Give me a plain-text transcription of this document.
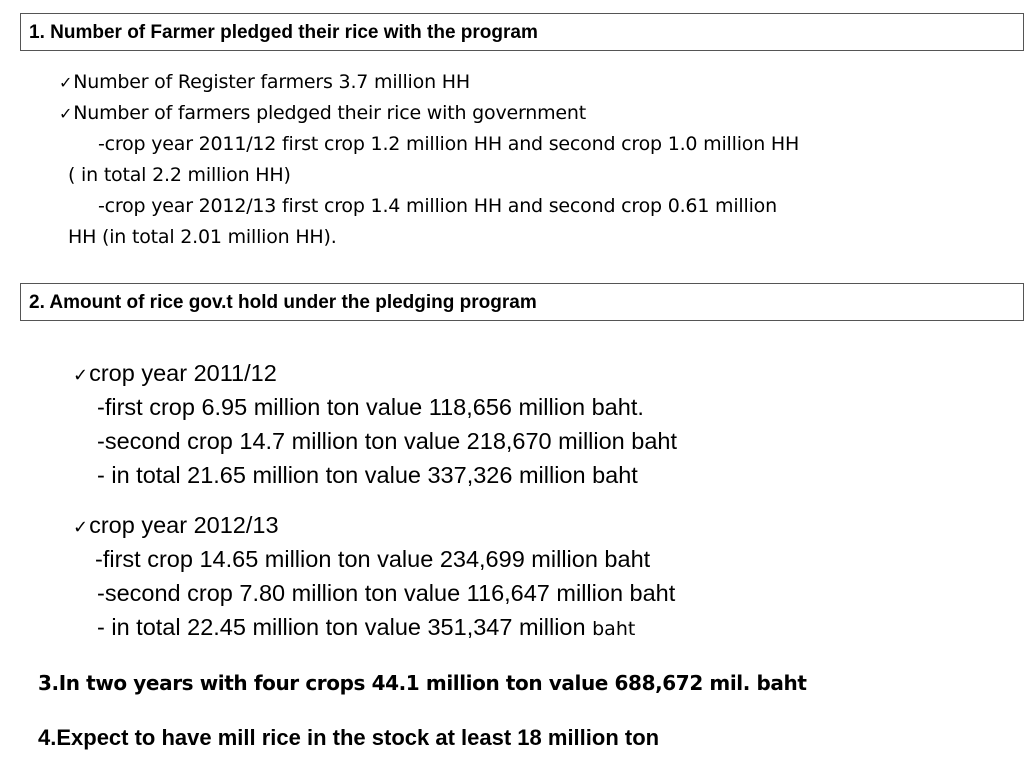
1. Number of Farmer pledged their rice with the program
✓Number of Register farmers 3.7 million HH
✓Number of farmers pledged their rice with government
-crop year 2011/12 first crop 1.2 million HH and second crop 1.0 million HH
( in total 2.2 million HH)
-crop year 2012/13 first crop 1.4 million HH and second crop 0.61 million
HH (in total 2.01 million HH).
2. Amount of rice gov.t hold under the pledging program
✓crop year 2011/12
-first crop 6.95 million ton value 118,656 million baht.
-second crop 14.7 million ton value 218,670 million baht
- in total 21.65 million ton value 337,326 million baht
✓crop year 2012/13
-first crop 14.65 million ton value 234,699 million baht
-second crop 7.80 million ton value 116,647 million baht
- in total 22.45 million ton value 351,347 million baht
3.In two years with four crops 44.1 million ton value 688,672 mil. baht
4.Expect to have mill rice in the stock at least 18 million ton
